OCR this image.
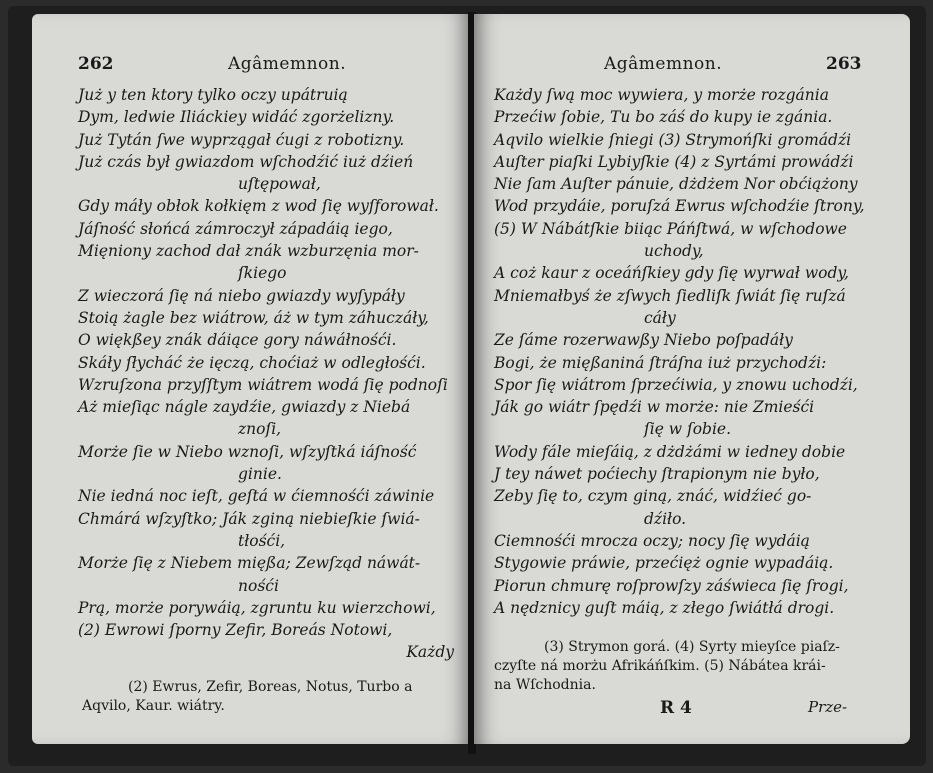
262	Agâmemnon.
Już y ten ktory tylko oczy upátruią
Dym, ledwie Iliáckiey widáć zgorżelizny.
Już Tytán ſwe wyprzągał ćugi z robotizny.
Już czás był gwiazdom wſchodźić iuż dźień
uſtępował,
Gdy máły obłok kołkięm z wod ſię wyſforował.
Jáſność słońcá zámroczył západáią iego,
Mięniony zachod dał znák wzburzęnia mor-
ſkiego
Z wieczorá ſię ná niebo gwiazdy wyſypáły
Stoią żagle bez wiátrow, áż w tym záhuczáły,
O więkßey znák dáiące gory náwáłnośći.
Skáły ſłycháć że ięczą, choćiaż w odległośći.
Wzruſzona przyſſtym wiátrem wodá ſię podnoſi
Aż mieſiąc nágle zaydźie, gwiazdy z Niebá
znoſi,
Morże ſie w Niebo wznoſi, wſzyſtká iáſność
ginie.
Nie iedná noc ieſt, geſtá w ćiemnośći záwinie
Chmárá wſzyſtko; Ják zginą niebieſkie ſwiá-
tłośći,
Morże ſię z Niebem mięßa; Zewſząd náwát-
nośći
Prą, morże porywáią, zgruntu ku wierzchowi,
(2) Ewrowi ſporny Zefir, Boreás Notowi,
Każdy
(2) Ewrus, Zefir, Boreas, Notus, Turbo a
Aqvilo, Kaur. wiátry.
Agâmemnon.	263
Każdy ſwą moc wywiera, y morże rozgánia
Przećiw ſobie, Tu bo záś do kupy ie zgánia.
Aqvilo wielkie ſniegi (3) Strymońſki gromádźi
Auſter piaſki Lybiyſkie (4) z Syrtámi prowádźi
Nie ſam Auſter pánuie, dżdżem Nor obćiążony
Wod przydáie, poruſzá Ewrus wſchodźie ſtrony,
(5) W Nábátſkie biiąc Páńſtwá, w wſchodowe
uchody,
A coż kaur z oceáńſkiey gdy ſię wyrwał wody,
Mniemałbyś że zſwych ſiedliſk ſwiát ſię ruſzá
cáły
Ze ſáme rozerwawßy Niebo poſpadáły
Bogi, że mięßaniná ſtráſna iuż przychodźi:
Spor ſię wiátrom ſprzećiwia, y znowu uchodźi,
Ják go wiátr ſpędźi w morże: nie Zmieśći
ſię w ſobie.
Wody fále mieſáią, z dżdżámi w iedney dobie
J tey náwet poćiechy ſtrapionym nie było,
Zeby ſię to, czym giną, znáć, widźieć go-
dźiło.
Ciemnośći mrocza oczy; nocy ſię wydáią
Stygowie práwie, przećięż ognie wypadáią.
Piorun chmurę roſprowſzy záświeca ſię ſrogi,
A nędznicy guſt máią, z złego ſwiátłá drogi.
(3) Strymon gorá. (4) Syrty mieyſce piaſz-
czyſte ná morżu Afrikáńſkim. (5) Nábátea krái-
na Wſchodnia.
R 4	Prze-
